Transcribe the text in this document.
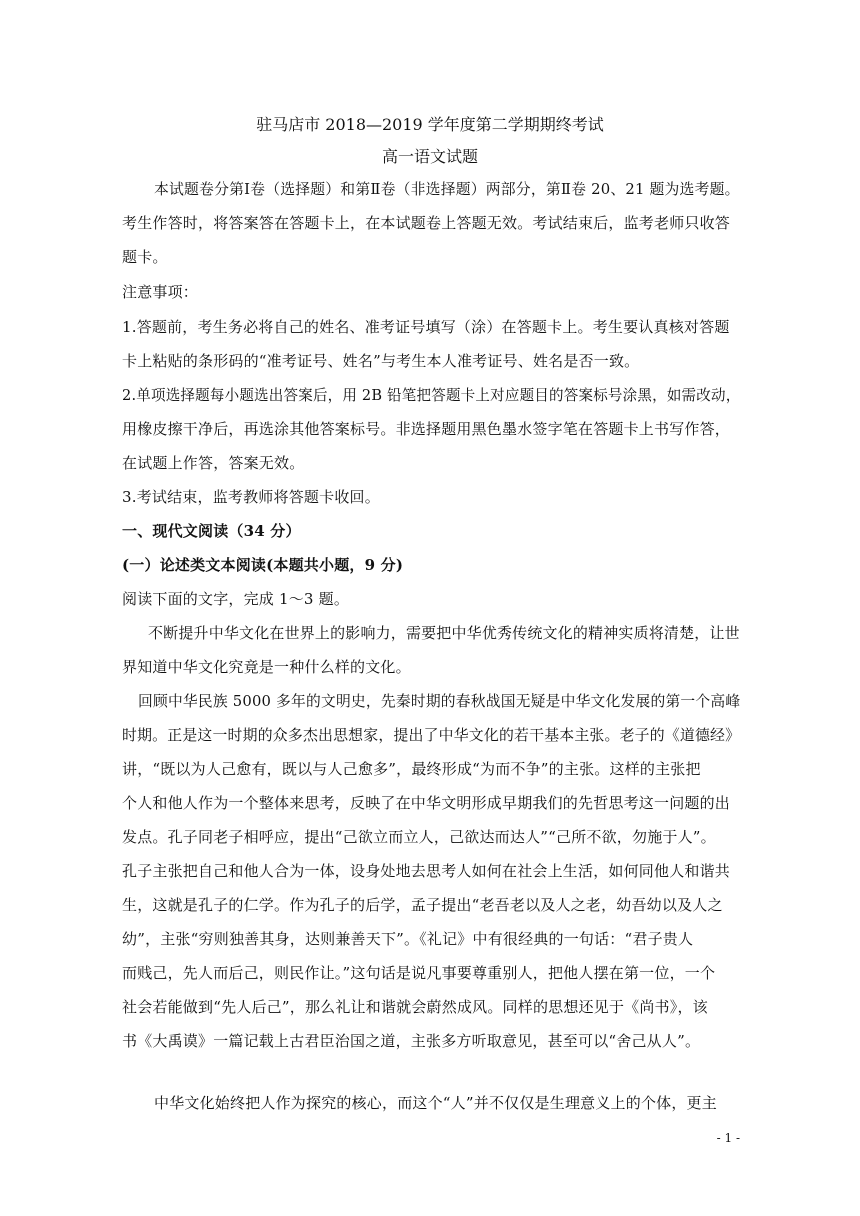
驻马店市 2018—2019 学年度第二学期期终考试
高一语文试题
本试题卷分第Ⅰ卷（选择题）和第Ⅱ卷（非选择题）两部分，第Ⅱ卷 20、21 题为选考题。
考生作答时，将答案答在答题卡上，在本试题卷上答题无效。考试结束后，监考老师只收答
题卡。
注意事项：
1.答题前，考生务必将自己的姓名、准考证号填写（涂）在答题卡上。考生要认真核对答题
卡上粘贴的条形码的“准考证号、姓名”与考生本人准考证号、姓名是否一致。
2.单项选择题每小题选出答案后，用 2B 铅笔把答题卡上对应题目的答案标号涂黑，如需改动，
用橡皮擦干净后，再选涂其他答案标号。非选择题用黑色墨水签字笔在答题卡上书写作答，
在试题上作答，答案无效。
3.考试结束，监考教师将答题卡收回。
一、现代文阅读（34 分）
(一）论述类文本阅读(本题共小题，9 分)
阅读下面的文字，完成 1～3 题。
不断提升中华文化在世界上的影响力，需要把中华优秀传统文化的精神实质将清楚，让世
界知道中华文化究竟是一种什么样的文化。
回顾中华民族 5000 多年的文明史，先秦时期的春秋战国无疑是中华文化发展的第一个高峰
时期。正是这一时期的众多杰出思想家，提出了中华文化的若干基本主张。老子的《道德经》
讲，“既以为人己愈有，既以与人己愈多”，最终形成“为而不争”的主张。这样的主张把
个人和他人作为一个整体来思考，反映了在中华文明形成早期我们的先哲思考这一问题的出
发点。孔子同老子相呼应，提出“己欲立而立人，己欲达而达人”“己所不欲，勿施于人”。
孔子主张把自己和他人合为一体，设身处地去思考人如何在社会上生活，如何同他人和谐共
生，这就是孔子的仁学。作为孔子的后学，孟子提出“老吾老以及人之老，幼吾幼以及人之
幼”，主张“穷则独善其身，达则兼善天下”。《礼记》中有很经典的一句话：“君子贵人
而贱己，先人而后己，则民作让。”这句话是说凡事要尊重别人，把他人摆在第一位，一个
社会若能做到“先人后己”，那么礼让和谐就会蔚然成风。同样的思想还见于《尚书》，该
书《大禹谟》一篇记载上古君臣治国之道，主张多方听取意见，甚至可以“舍己从人”。
中华文化始终把人作为探究的核心，而这个“人”并不仅仅是生理意义上的个体，更主
- 1 -
